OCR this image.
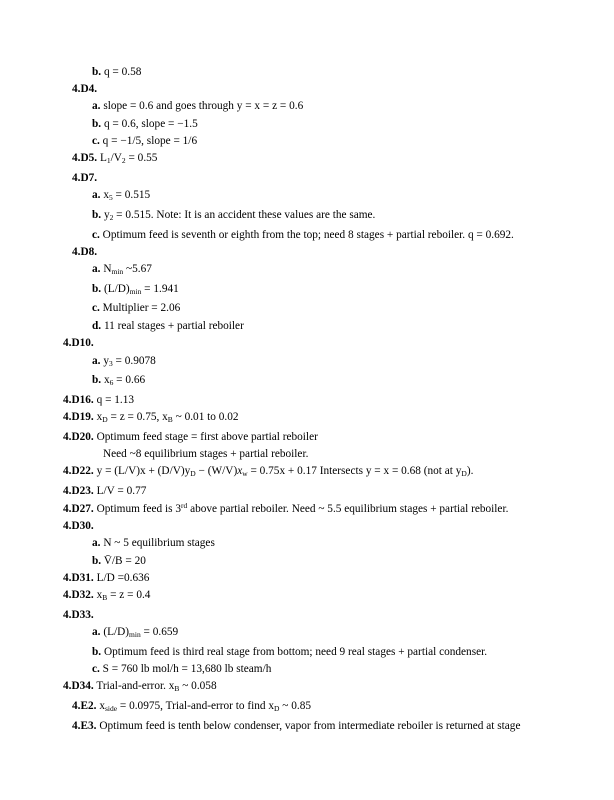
b. q = 0.58
4.D4.
a. slope = 0.6 and goes through y = x = z = 0.6
b. q = 0.6, slope = −1.5
c. q = −1/5, slope = 1/6
4.D5. $L_1/V_2 = 0.55$
4.D7.
a. $x_5 = 0.515$
b. $y_2 = 0.515$. Note: It is an accident these values are the same.
c. Optimum feed is seventh or eighth from the top; need 8 stages + partial reboiler. q = 0.692.
4.D8.
a. $N_{min}$ ~5.67
b. $(L/D)_{min} = 1.941$
c. Multiplier = 2.06
d. 11 real stages + partial reboiler
4.D10.
a. $y_3 = 0.9078$
b. $x_6 = 0.66$
4.D16. q = 1.13
4.D19. $x_D = z = 0.75$, $x_B$ ~ 0.01 to 0.02
4.D20. Optimum feed stage = first above partial reboiler
Need ~8 equilibrium stages + partial reboiler.
4.D22. $y = (L/V)x + (D/V)y_D - (W/V)x_w = 0.75x + 0.17$ Intersects y = x = 0.68 (not at $y_D$).
4.D23. L/V = 0.77
4.D27. Optimum feed is 3rd above partial reboiler. Need ~ 5.5 equilibrium stages + partial reboiler.
4.D30.
a. N ~ 5 equilibrium stages
b. V̄/B = 20
4.D31. L/D =0.636
4.D32. $x_B = z = 0.4$
4.D33.
a. $(L/D)_{min} = 0.659$
b. Optimum feed is third real stage from bottom; need 9 real stages + partial condenser.
c. S = 760 lb mol/h = 13,680 lb steam/h
4.D34. Trial-and-error. $x_B$ ~ 0.058
4.E2. $x_{side} = 0.0975$, Trial-and-error to find $x_D$ ~ 0.85
4.E3. Optimum feed is tenth below condenser, vapor from intermediate reboiler is returned at stage
